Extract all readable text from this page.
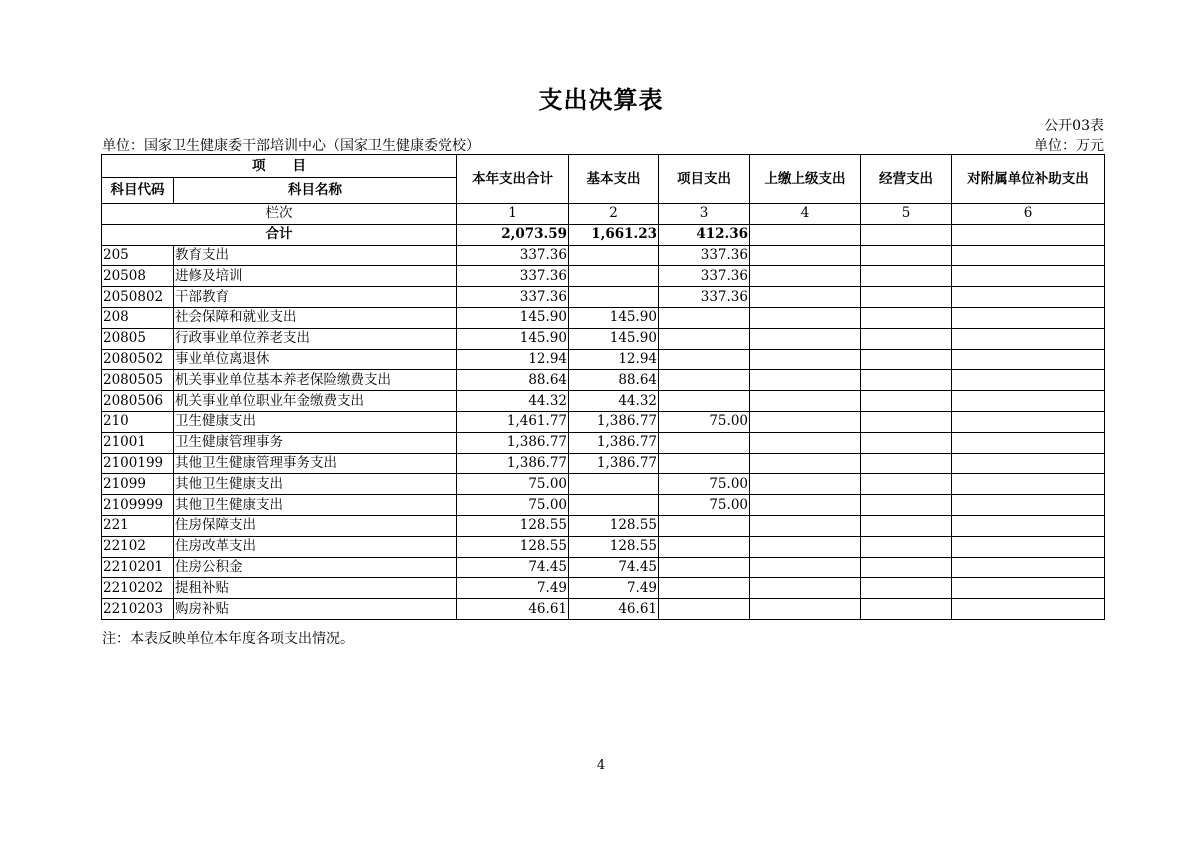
支出决算表
公开03表
单位：国家卫生健康委干部培训中心（国家卫生健康委党校）	单位：万元
项　　目		本年支出合计	基本支出	项目支出	上缴上级支出	经营支出	对附属单位补助支出
科目代码	科目名称						
栏次		1	2	3	4	5	6
合计		2,073.59	1,661.23	412.36			
205	教育支出	337.36		337.36			
20508	进修及培训	337.36		337.36			
2050802	干部教育	337.36		337.36			
208	社会保障和就业支出	145.90	145.90				
20805	行政事业单位养老支出	145.90	145.90				
2080502	事业单位离退休	12.94	12.94				
2080505	机关事业单位基本养老保险缴费支出	88.64	88.64				
2080506	机关事业单位职业年金缴费支出	44.32	44.32				
210	卫生健康支出	1,461.77	1,386.77	75.00			
21001	卫生健康管理事务	1,386.77	1,386.77				
2100199	其他卫生健康管理事务支出	1,386.77	1,386.77				
21099	其他卫生健康支出	75.00		75.00			
2109999	其他卫生健康支出	75.00		75.00			
221	住房保障支出	128.55	128.55				
22102	住房改革支出	128.55	128.55				
2210201	住房公积金	74.45	74.45				
2210202	提租补贴	7.49	7.49				
2210203	购房补贴	46.61	46.61				
注：本表反映单位本年度各项支出情况。
4
